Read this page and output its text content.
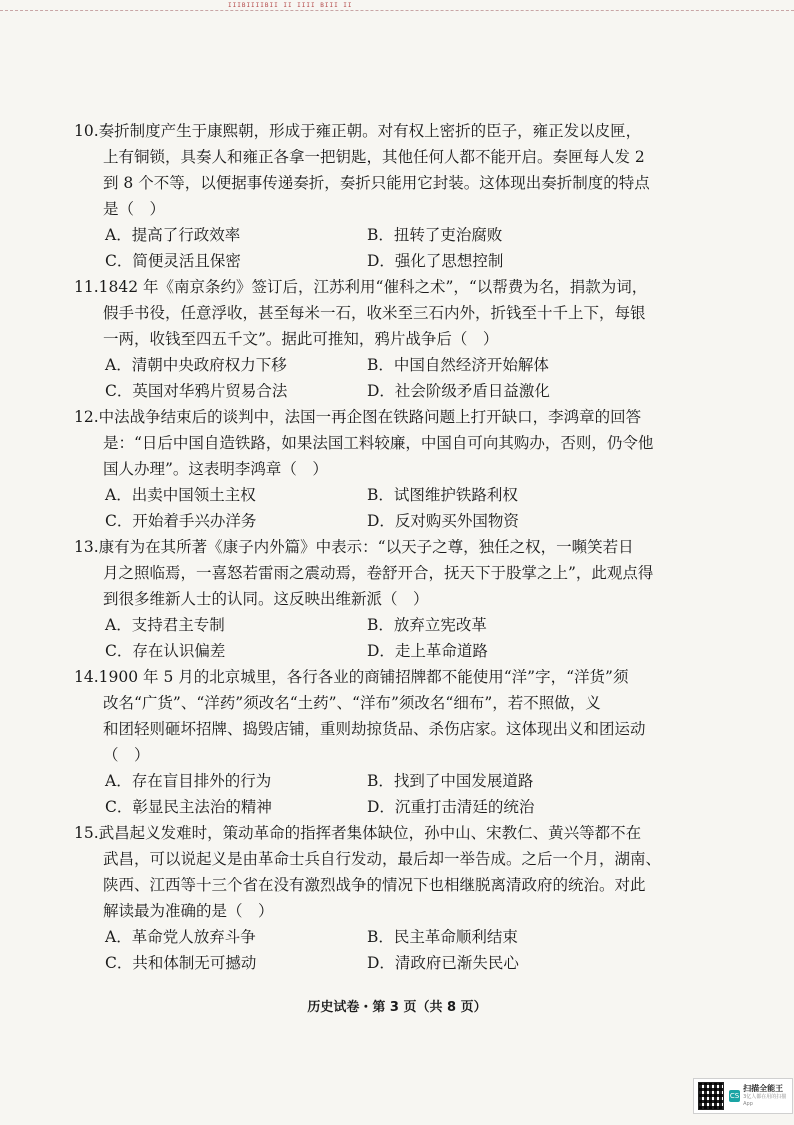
IIIBIIIIBII II IIII BIII II
10.奏折制度产生于康熙朝，形成于雍正朝。对有权上密折的臣子，雍正发以皮匣，
上有铜锁，具奏人和雍正各拿一把钥匙，其他任何人都不能开启。奏匣每人发 2
到 8 个不等，以便据事传递奏折，奏折只能用它封装。这体现出奏折制度的特点
是（　）
A．提高了行政效率	B．扭转了吏治腐败
C．简便灵活且保密	D．强化了思想控制
11.1842 年《南京条约》签订后，江苏利用“催科之术”，“以帮费为名，捐款为词，
假手书役，任意浮收，甚至每米一石，收米至三石内外，折钱至十千上下，每银
一两，收钱至四五千文”。据此可推知，鸦片战争后（　）
A．清朝中央政府权力下移	B．中国自然经济开始解体
C．英国对华鸦片贸易合法	D．社会阶级矛盾日益激化
12.中法战争结束后的谈判中，法国一再企图在铁路问题上打开缺口，李鸿章的回答
是：“日后中国自造铁路，如果法国工料较廉，中国自可向其购办，否则，仍令他
国人办理”。这表明李鸿章（　）
A．出卖中国领土主权	B．试图维护铁路利权
C．开始着手兴办洋务	D．反对购买外国物资
13.康有为在其所著《康子内外篇》中表示：“以天子之尊，独任之权，一嚬笑若日
月之照临焉，一喜怒若雷雨之震动焉，卷舒开合，抚天下于股掌之上”，此观点得
到很多维新人士的认同。这反映出维新派（　）
A．支持君主专制	B．放弃立宪改革
C．存在认识偏差	D．走上革命道路
14.1900 年 5 月的北京城里，各行各业的商铺招牌都不能使用“洋”字，“洋货”须
改名“广货”、“洋药”须改名“土药”、“洋布”须改名“细布”，若不照做，义
和团轻则砸坏招牌、捣毁店铺，重则劫掠货品、杀伤店家。这体现出义和团运动
（　）
A．存在盲目排外的行为	B．找到了中国发展道路
C．彰显民主法治的精神	D．沉重打击清廷的统治
15.武昌起义发难时，策动革命的指挥者集体缺位，孙中山、宋教仁、黄兴等都不在
武昌，可以说起义是由革命士兵自行发动，最后却一举告成。之后一个月，湖南、
陕西、江西等十三个省在没有激烈战争的情况下也相继脱离清政府的统治。对此
解读最为准确的是（　）
A．革命党人放弃斗争	B．民主革命顺利结束
C．共和体制无可撼动	D．清政府已渐失民心
历史试卷・第 3 页（共 8 页）
CS
扫描全能王
3亿人都在用的扫描App
